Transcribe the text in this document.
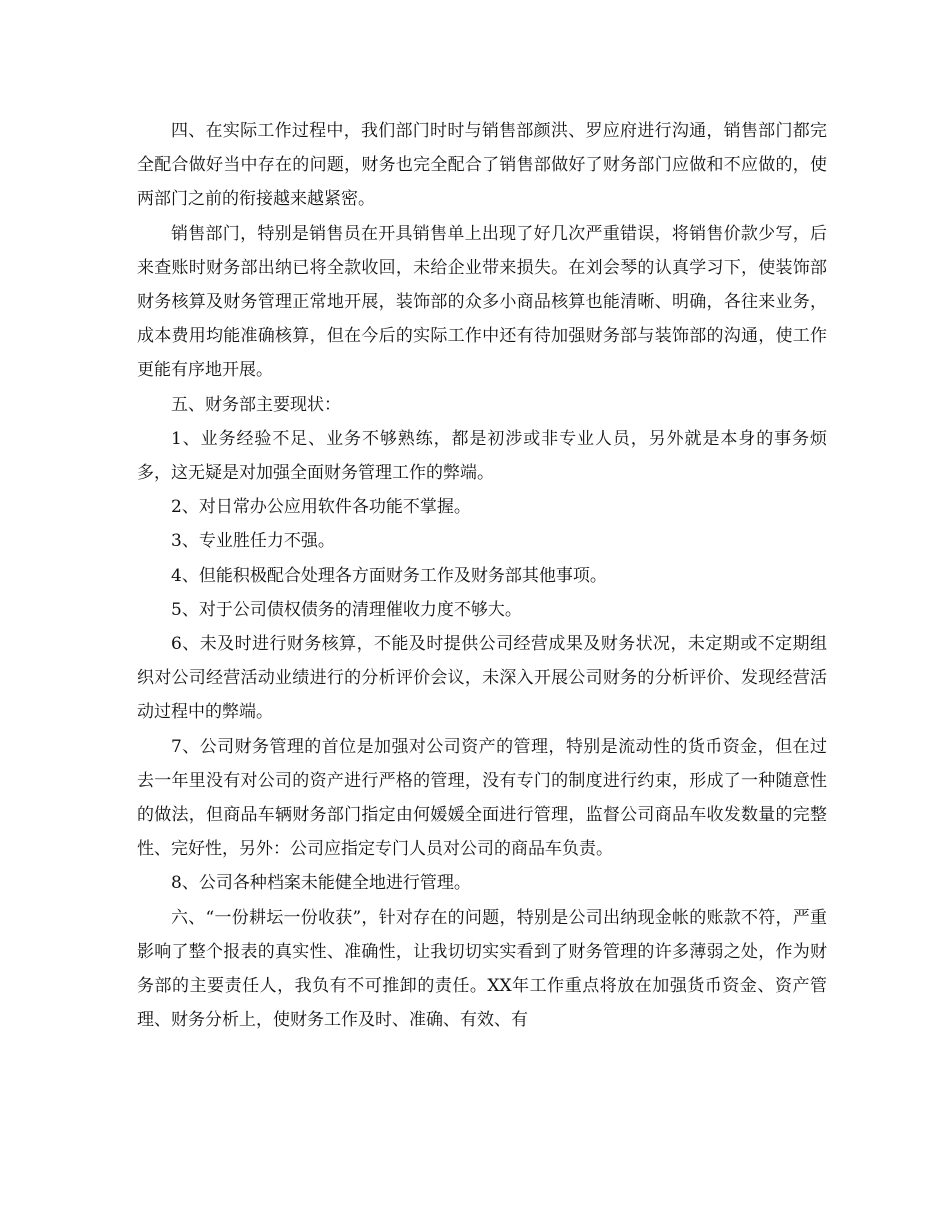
四、在实际工作过程中，我们部门时时与销售部颜洪、罗应府进行沟通，销售部门都完全配合做好当中存在的问题，财务也完全配合了销售部做好了财务部门应做和不应做的，使两部门之前的衔接越来越紧密。

销售部门，特别是销售员在开具销售单上出现了好几次严重错误，将销售价款少写，后来查账时财务部出纳已将全款收回，未给企业带来损失。在刘会琴的认真学习下，使装饰部财务核算及财务管理正常地开展，装饰部的众多小商品核算也能清晰、明确，各往来业务，成本费用均能准确核算，但在今后的实际工作中还有待加强财务部与装饰部的沟通，使工作更能有序地开展。

五、财务部主要现状：

1、业务经验不足、业务不够熟练，都是初涉或非专业人员，另外就是本身的事务烦多，这无疑是对加强全面财务管理工作的弊端。

2、对日常办公应用软件各功能不掌握。

3、专业胜任力不强。

4、但能积极配合处理各方面财务工作及财务部其他事项。

5、对于公司债权债务的清理催收力度不够大。

6、未及时进行财务核算，不能及时提供公司经营成果及财务状况，未定期或不定期组织对公司经营活动业绩进行的分析评价会议，未深入开展公司财务的分析评价、发现经营活动过程中的弊端。

7、公司财务管理的首位是加强对公司资产的管理，特别是流动性的货币资金，但在过去一年里没有对公司的资产进行严格的管理，没有专门的制度进行约束，形成了一种随意性的做法，但商品车辆财务部门指定由何媛媛全面进行管理，监督公司商品车收发数量的完整性、完好性，另外：公司应指定专门人员对公司的商品车负责。

8、公司各种档案未能健全地进行管理。

六、“一份耕坛一份收获”，针对存在的问题，特别是公司出纳现金帐的账款不符，严重影响了整个报表的真实性、准确性，让我切切实实看到了财务管理的许多薄弱之处，作为财务部的主要责任人，我负有不可推卸的责任。XX年工作重点将放在加强货币资金、资产管理、财务分析上，使财务工作及时、准确、有效、有
